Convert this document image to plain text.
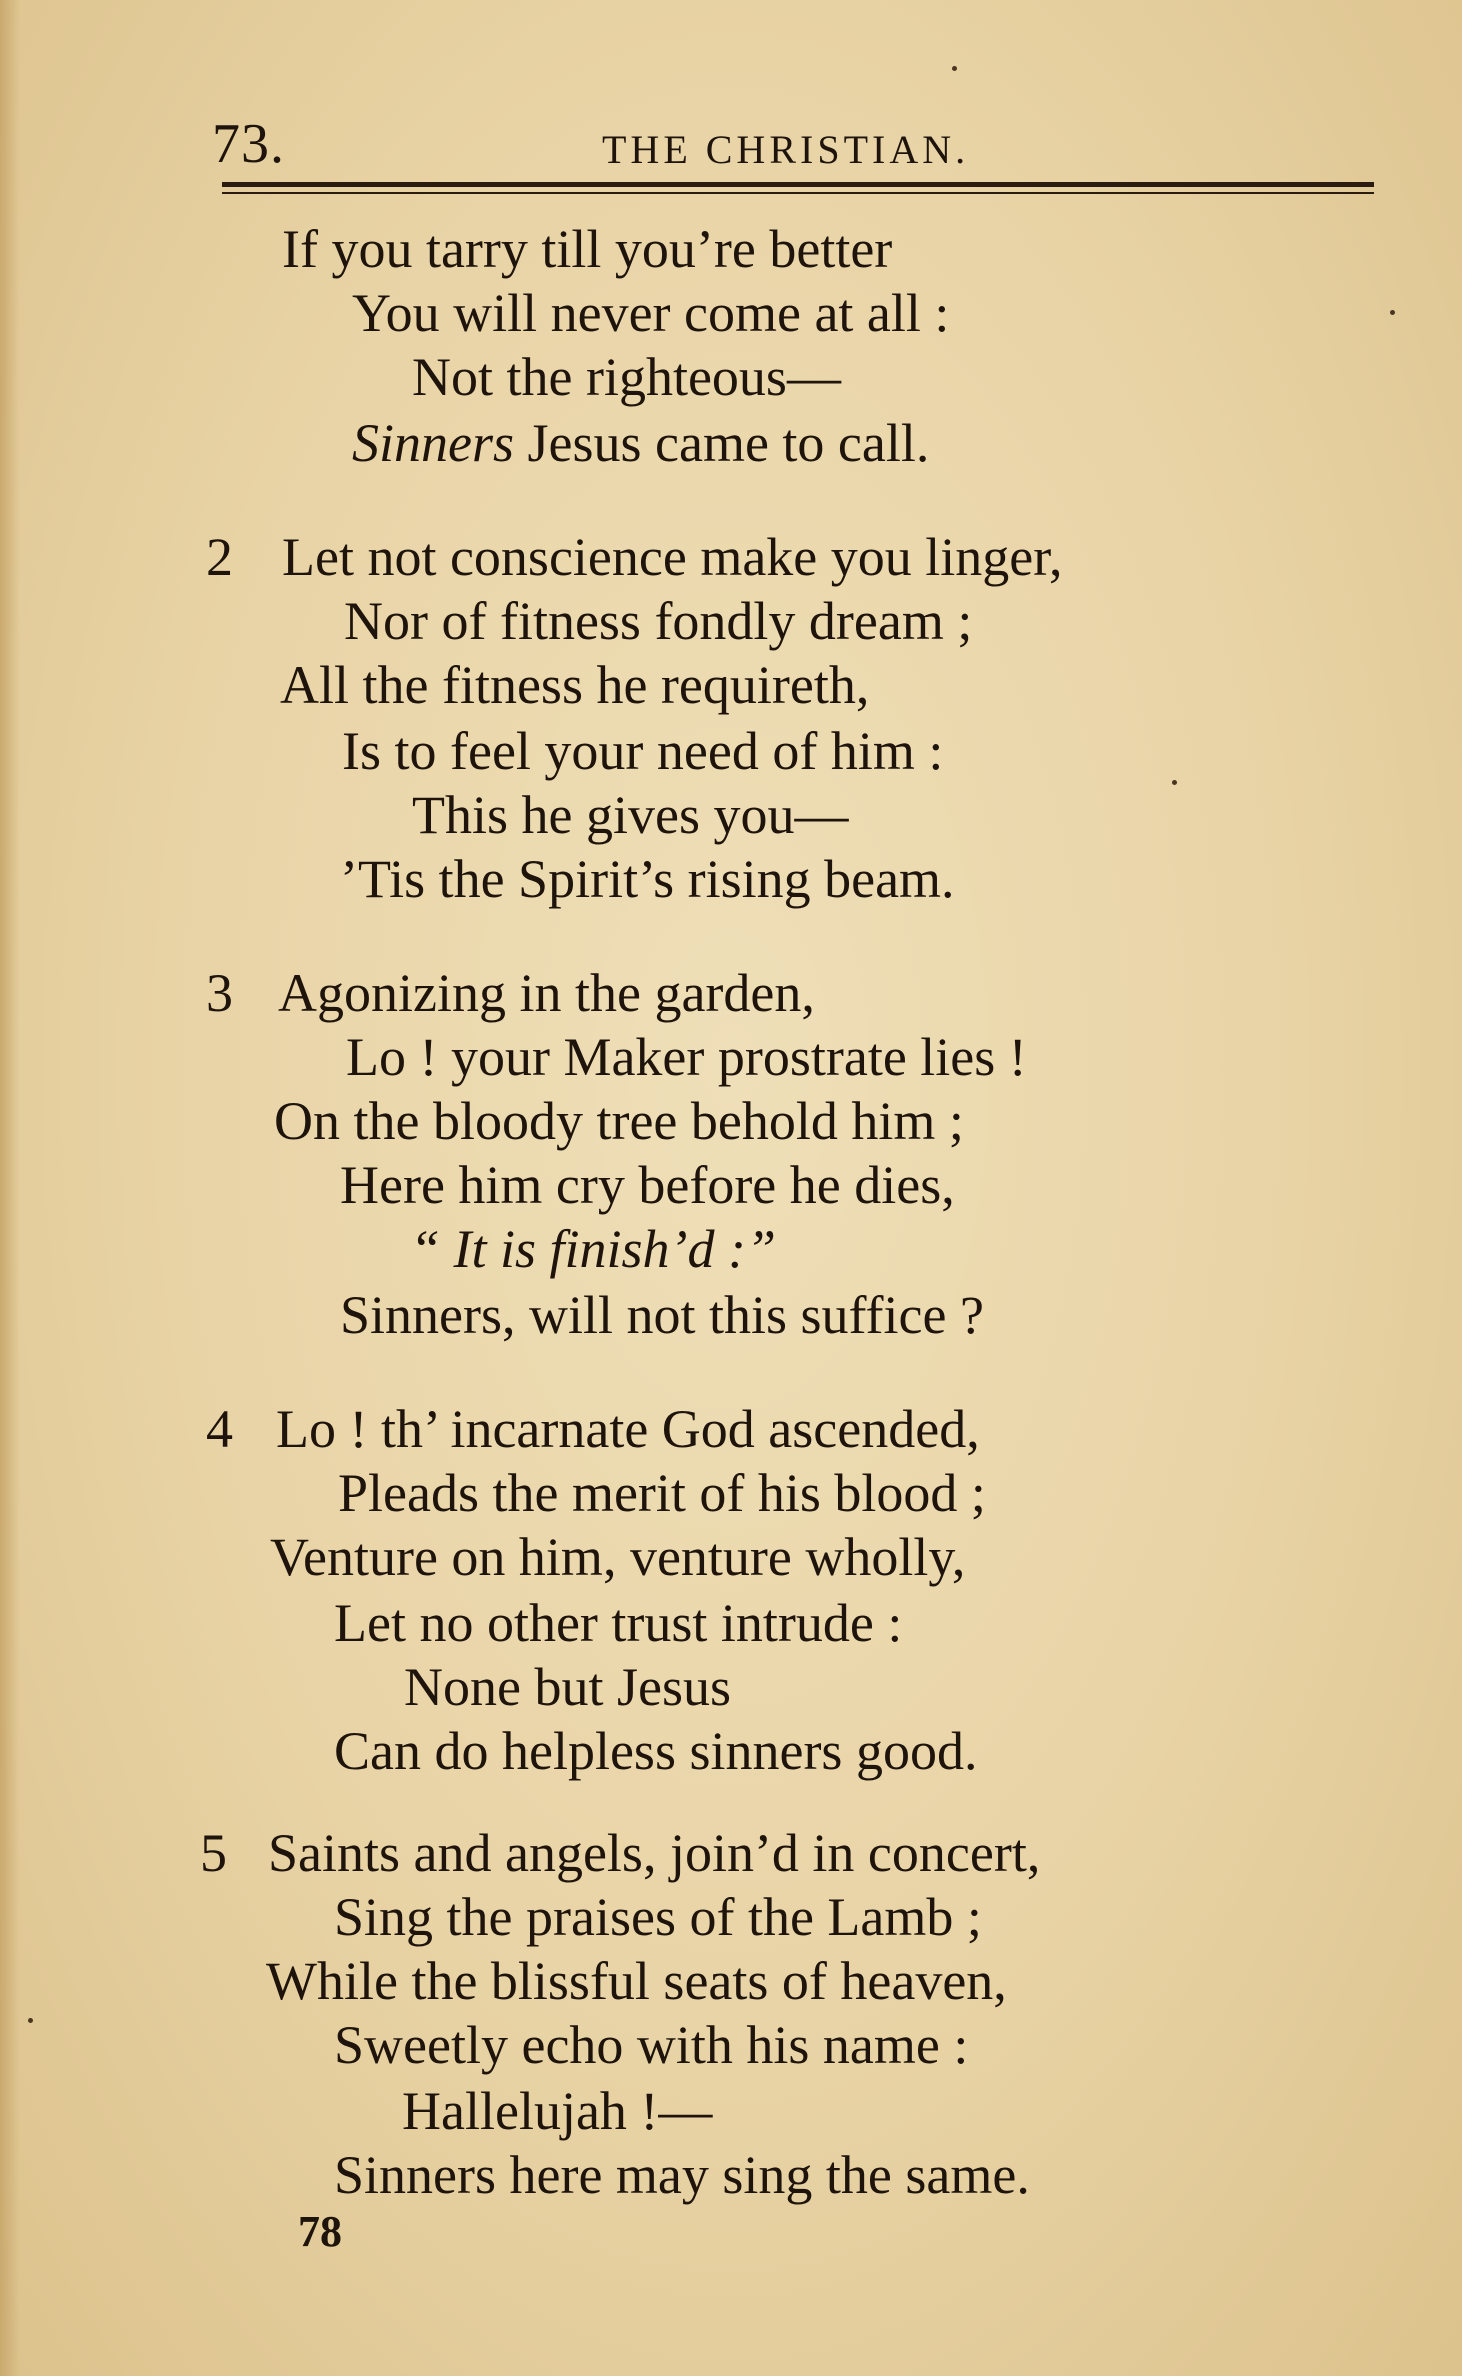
73.	THE CHRISTIAN.
If you tarry till you’re better
You will never come at all :
Not the righteous—
Sinners Jesus came to call.
2 Let not conscience make you linger,
Nor of fitness fondly dream ;
All the fitness he requireth,
Is to feel your need of him :
This he gives you—
’Tis the Spirit’s rising beam.
3 Agonizing in the garden,
Lo ! your Maker prostrate lies !
On the bloody tree behold him ;
Here him cry before he dies,
“ It is finish’d :”
Sinners, will not this suffice ?
4 Lo ! th’ incarnate God ascended,
Pleads the merit of his blood ;
Venture on him, venture wholly,
Let no other trust intrude :
None but Jesus
Can do helpless sinners good.
5 Saints and angels, join’d in concert,
Sing the praises of the Lamb ;
While the blissful seats of heaven,
Sweetly echo with his name :
Hallelujah !—
Sinners here may sing the same.
78
